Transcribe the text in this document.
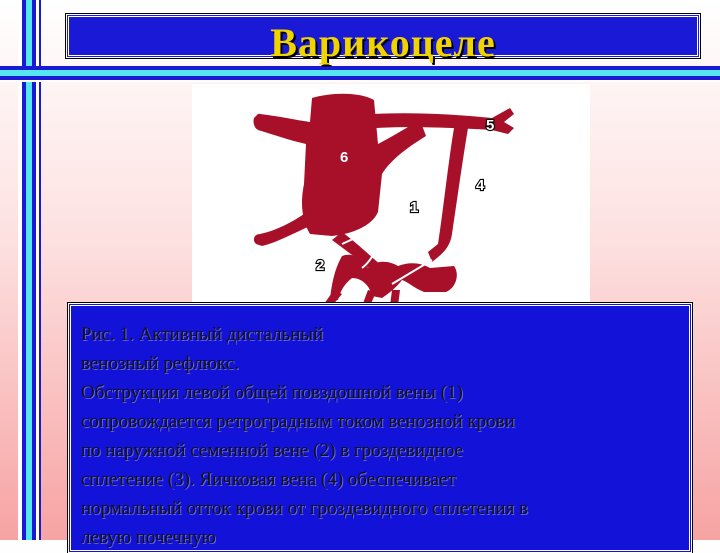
Варикоцеле
6
5
4
1
2
Рис. 1. Активный дистальный
венозный рефлюкс.
Обструкция левой общей повздошной вены (1)
сопровождается ретроградным током венозной крови
по наружной семенной вене (2) в гроздевидное
сплетение (3). Яичковая вена (4) обеспечивает
нормальный отток крови от гроздевидного сплетения в
левую почечную
